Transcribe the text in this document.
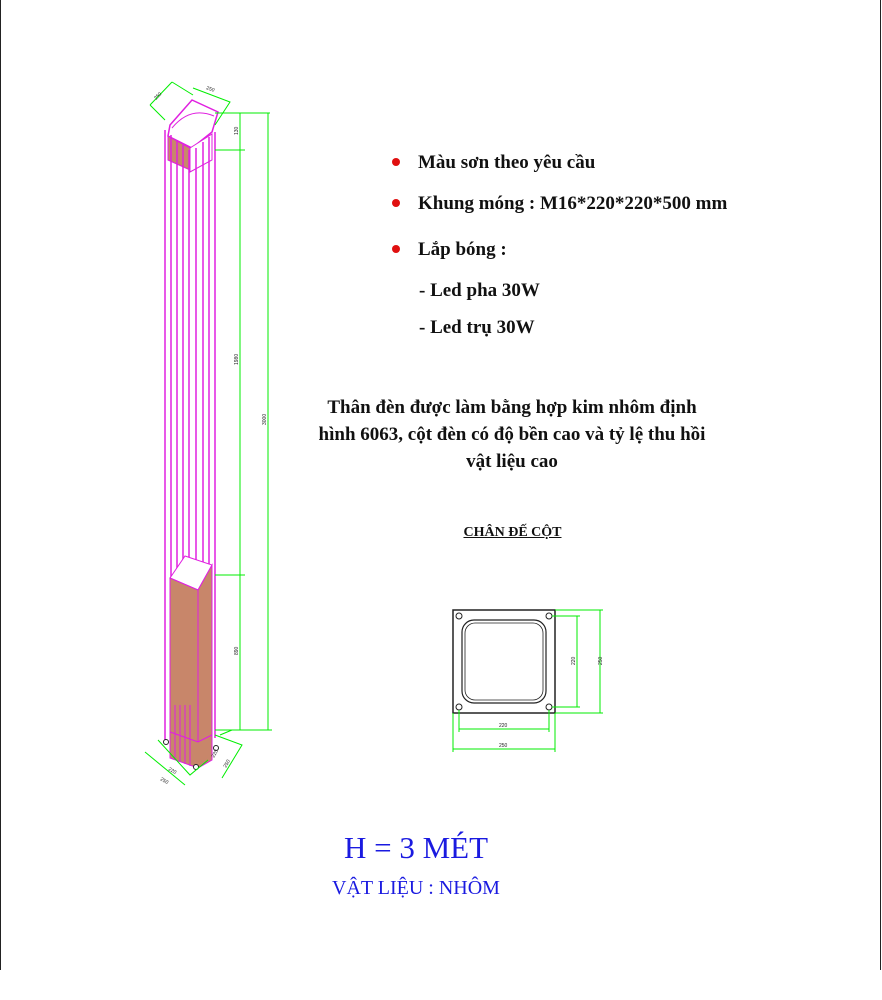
250
250
130
1980
3000
890
220
250
220
250
220	250
220
250
Màu sơn theo yêu cầu
Khung móng : M16*220*220*500 mm
Lắp bóng :
- Led pha 30W
- Led trụ 30W
Thân đèn được làm bằng hợp kim nhôm định
hình 6063, cột đèn có độ bền cao và tỷ lệ thu hồi
vật liệu cao
CHÂN ĐẾ CỘT
H = 3 MÉT
VẬT LIỆU : NHÔM
